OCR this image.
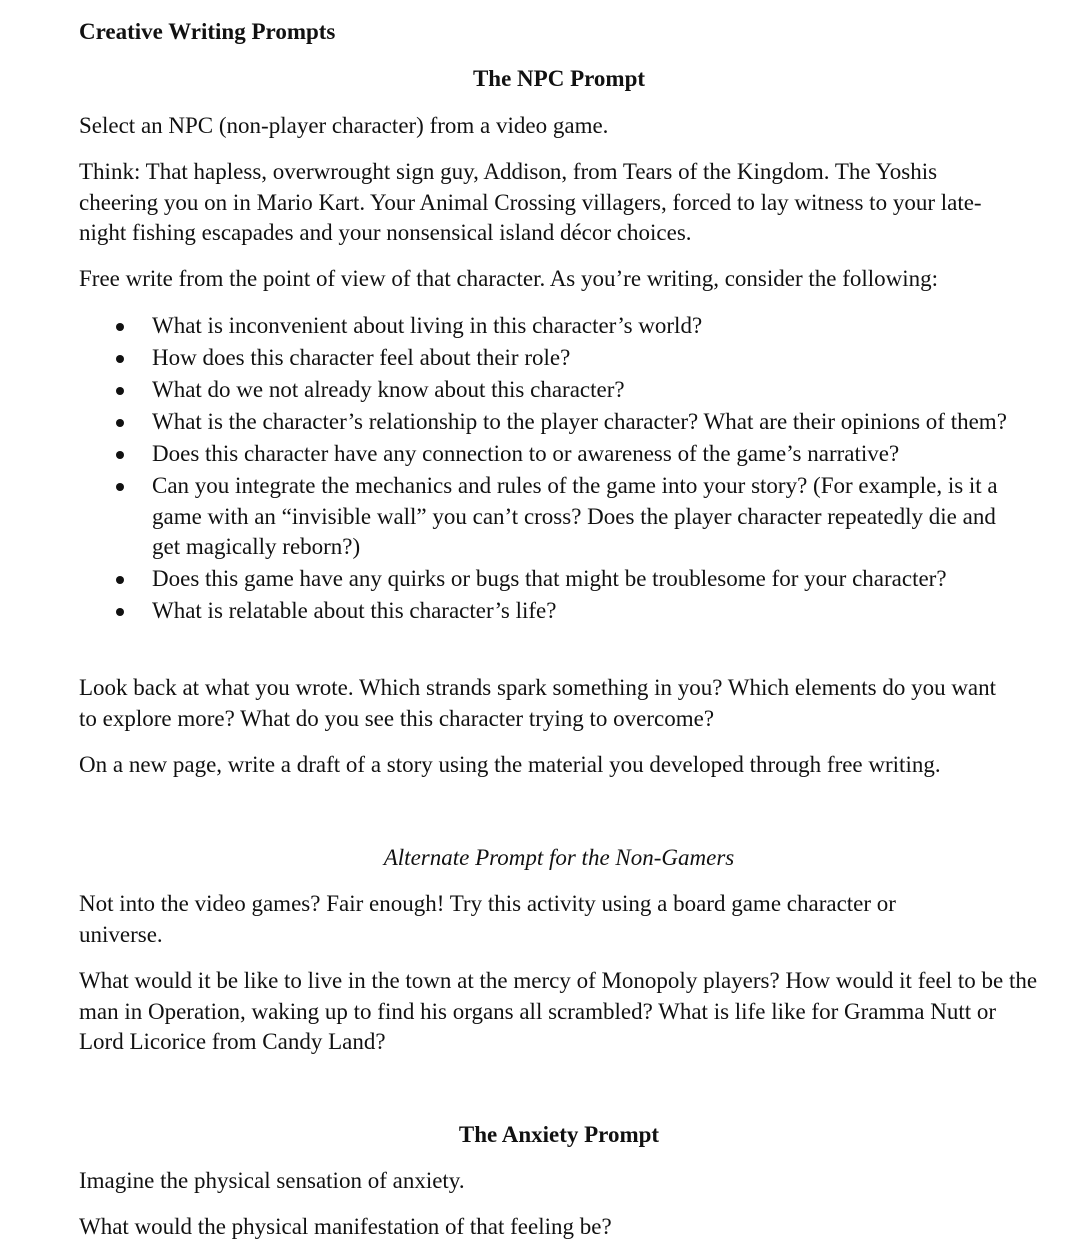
Creative Writing Prompts
The NPC Prompt
Select an NPC (non-player character) from a video game.
Think: That hapless, overwrought sign guy, Addison, from Tears of the Kingdom. The Yoshis cheering you on in Mario Kart. Your Animal Crossing villagers, forced to lay witness to your late-night fishing escapades and your nonsensical island décor choices.
Free write from the point of view of that character. As you’re writing, consider the following:
What is inconvenient about living in this character’s world?
How does this character feel about their role?
What do we not already know about this character?
What is the character’s relationship to the player character? What are their opinions of them?
Does this character have any connection to or awareness of the game’s narrative?
Can you integrate the mechanics and rules of the game into your story? (For example, is it a game with an “invisible wall” you can’t cross? Does the player character repeatedly die and get magically reborn?)
Does this game have any quirks or bugs that might be troublesome for your character?
What is relatable about this character’s life?
Look back at what you wrote. Which strands spark something in you? Which elements do you want to explore more? What do you see this character trying to overcome?
On a new page, write a draft of a story using the material you developed through free writing.
Alternate Prompt for the Non-Gamers
Not into the video games? Fair enough! Try this activity using a board game character or universe.
What would it be like to live in the town at the mercy of Monopoly players? How would it feel to be the man in Operation, waking up to find his organs all scrambled? What is life like for Gramma Nutt or Lord Licorice from Candy Land?
The Anxiety Prompt
Imagine the physical sensation of anxiety.
What would the physical manifestation of that feeling be?
